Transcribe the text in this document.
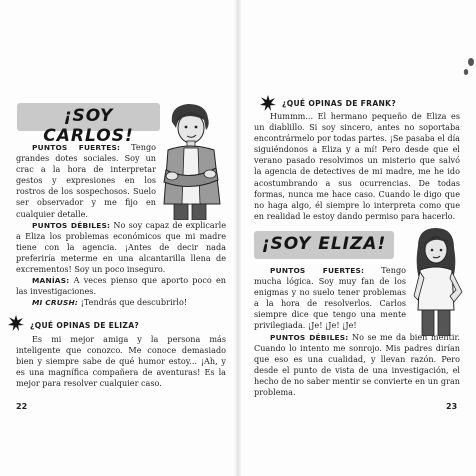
¡SOY CARLOS!

PUNTOS FUERTES: Tengo grandes dotes sociales. Soy un crac a la hora de interpretar gestos y expresiones en los rostros de los sospechosos. Suelo ser observador y me fijo en cualquier detalle.

PUNTOS DÉBILES: No soy capaz de explicarle a Eliza los problemas económicos que mi madre tiene con la agencia. ¡Antes de decir nada preferiría meterme en una alcantarilla llena de excrementos! Soy un poco inseguro.

MANÍAS: A veces pienso que aporto poco en las investigaciones.

MI CRUSH: ¡Tendrás que descubrirlo!

¿QUÉ OPINAS DE ELIZA?

Es mi mejor amiga y la persona más inteligente que conozco. Me conoce demasiado bien y siempre sabe de qué humor estoy... ¡Ah, y es una magnífica compañera de aventuras! Es la mejor para resolver cualquier caso.

22
¿QUÉ OPINAS DE FRANK?

Hummm... El hermano pequeño de Eliza es un diablillo. Si soy sincero, antes no soportaba encontrármelo por todas partes. ¡Se pasaba el día siguiéndonos a Eliza y a mí! Pero desde que el verano pasado resolvimos un misterio que salvó la agencia de detectives de mi madre, me he ido acostumbrando a sus ocurrencias. De todas formas, nunca me hace caso. Cuando le digo que no haga algo, él siempre lo interpreta como que en realidad le estoy dando permiso para hacerlo.

¡SOY ELIZA!

PUNTOS FUERTES: Tengo mucha lógica. Soy muy fan de los enigmas y no suelo tener problemas a la hora de resolverlos. Carlos siempre dice que tengo una mente privilegiada. ¡Je! ¡Je! ¡Je!

PUNTOS DÉBILES: No se me da bien mentir. Cuando lo intento me sonrojo. Mis padres dirían que eso es una cualidad, y llevan razón. Pero desde el punto de vista de una investigación, el hecho de no saber mentir se convierte en un gran problema.

23
